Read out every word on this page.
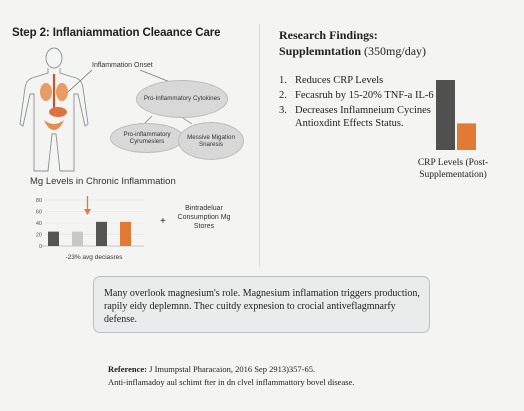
Step 2: Inflaniammation Cleaance Care
Inflammation Onset
Pro-Inflammatory Cytokines
Pro-inflammatory Cyrumesiers
Messive Migation Snaresis
Mg Levels in Chronic Inflammation
-23% avg deciasres
0
20
40
60
80
+
Bintradeluar Consumption Mg Stores
Research Findings:
Supplemntation (350mg/day)
1. Reduces CRP Levels
2. Fecasruh by 15-20% TNF-a IL-6
3. Decreases Inflamneium Cycines Antioxdint Effects Status.
CRP Levels (Post-Supplementation)
Many overlook magnesium's role. Magnesium inflamation triggers production, rapily eidy deplemnn. Thec cuitdy expnesion to crocial antiveflagmnarfy defense.
Reference: J Imumpstal Pharacaion, 2016 Sep 2913)357-65.
Anti-inflamadoy aul schimt fter in dn clvel inflammattory bovel disease.
